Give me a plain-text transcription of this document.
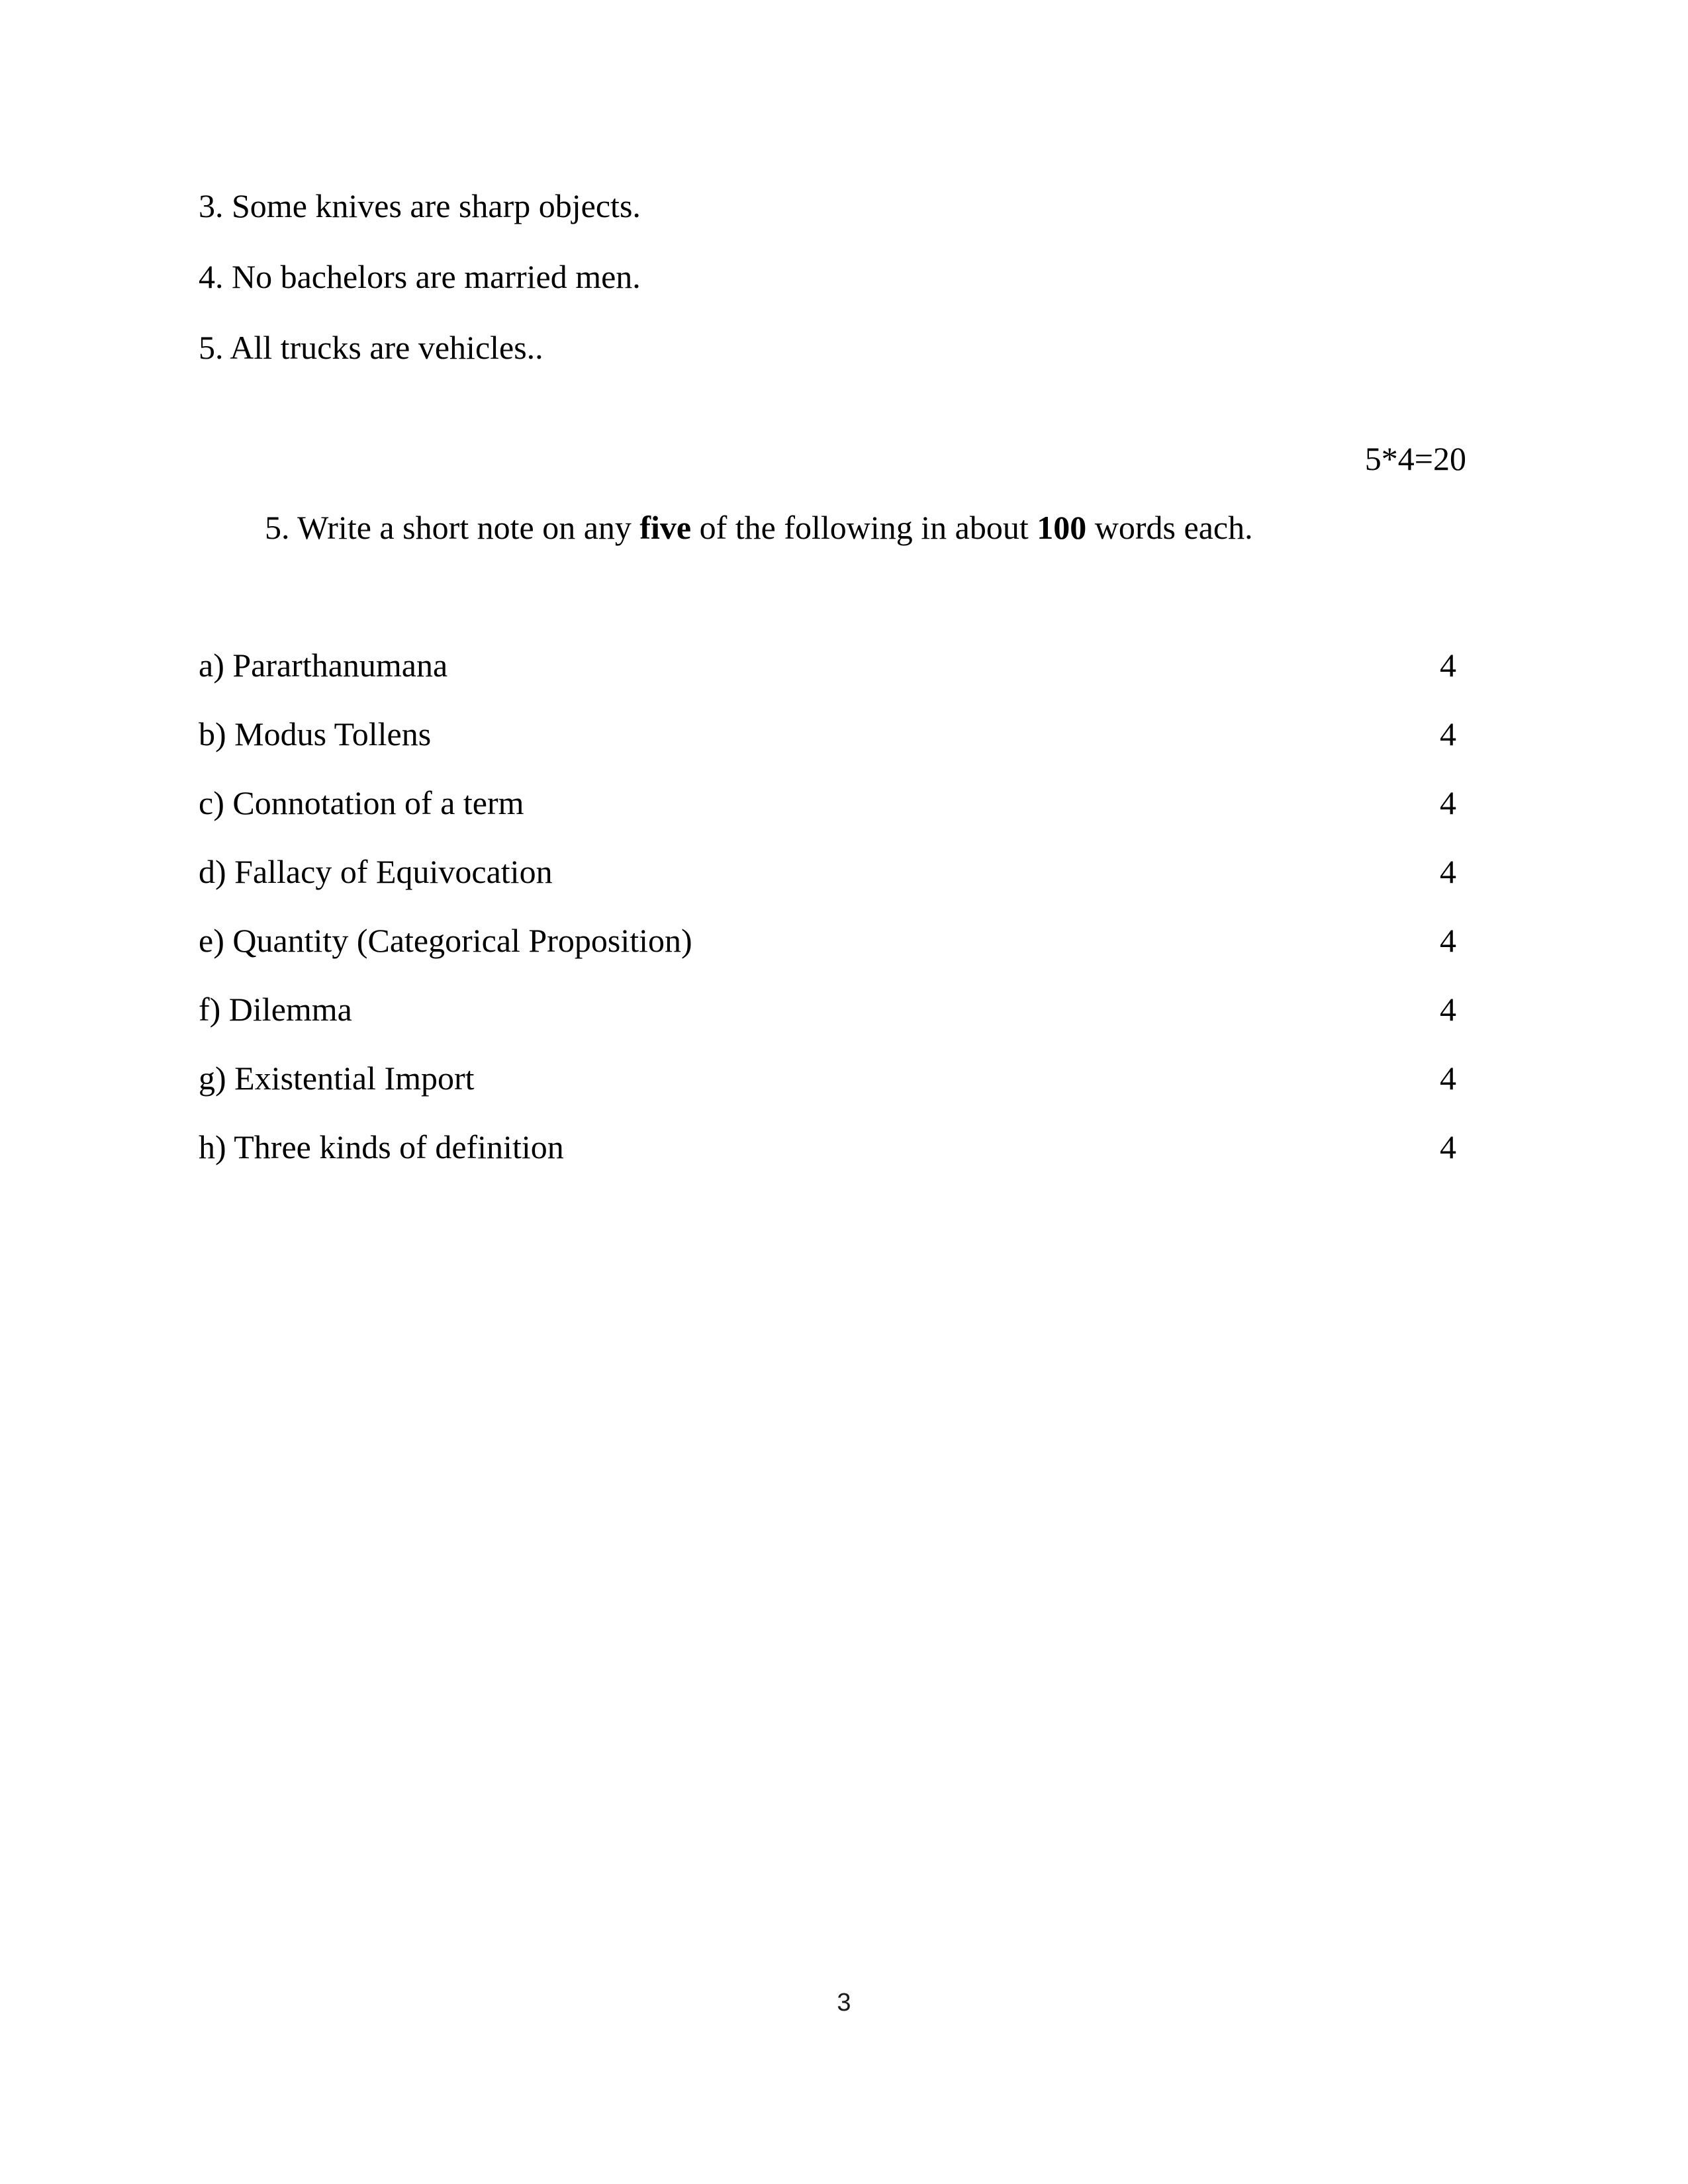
3. Some knives are sharp objects.
4. No bachelors are married men.
5. All trucks are vehicles..

5. Write a short note on any five of the following in about 100 words each.

5*4=20
a) Pararthanumana	4
b) Modus Tollens	4
c) Connotation of a term	4
d) Fallacy of Equivocation	4
e) Quantity (Categorical Proposition)	4
f) Dilemma	4
g) Existential Import	4
h) Three kinds of definition	4
3
